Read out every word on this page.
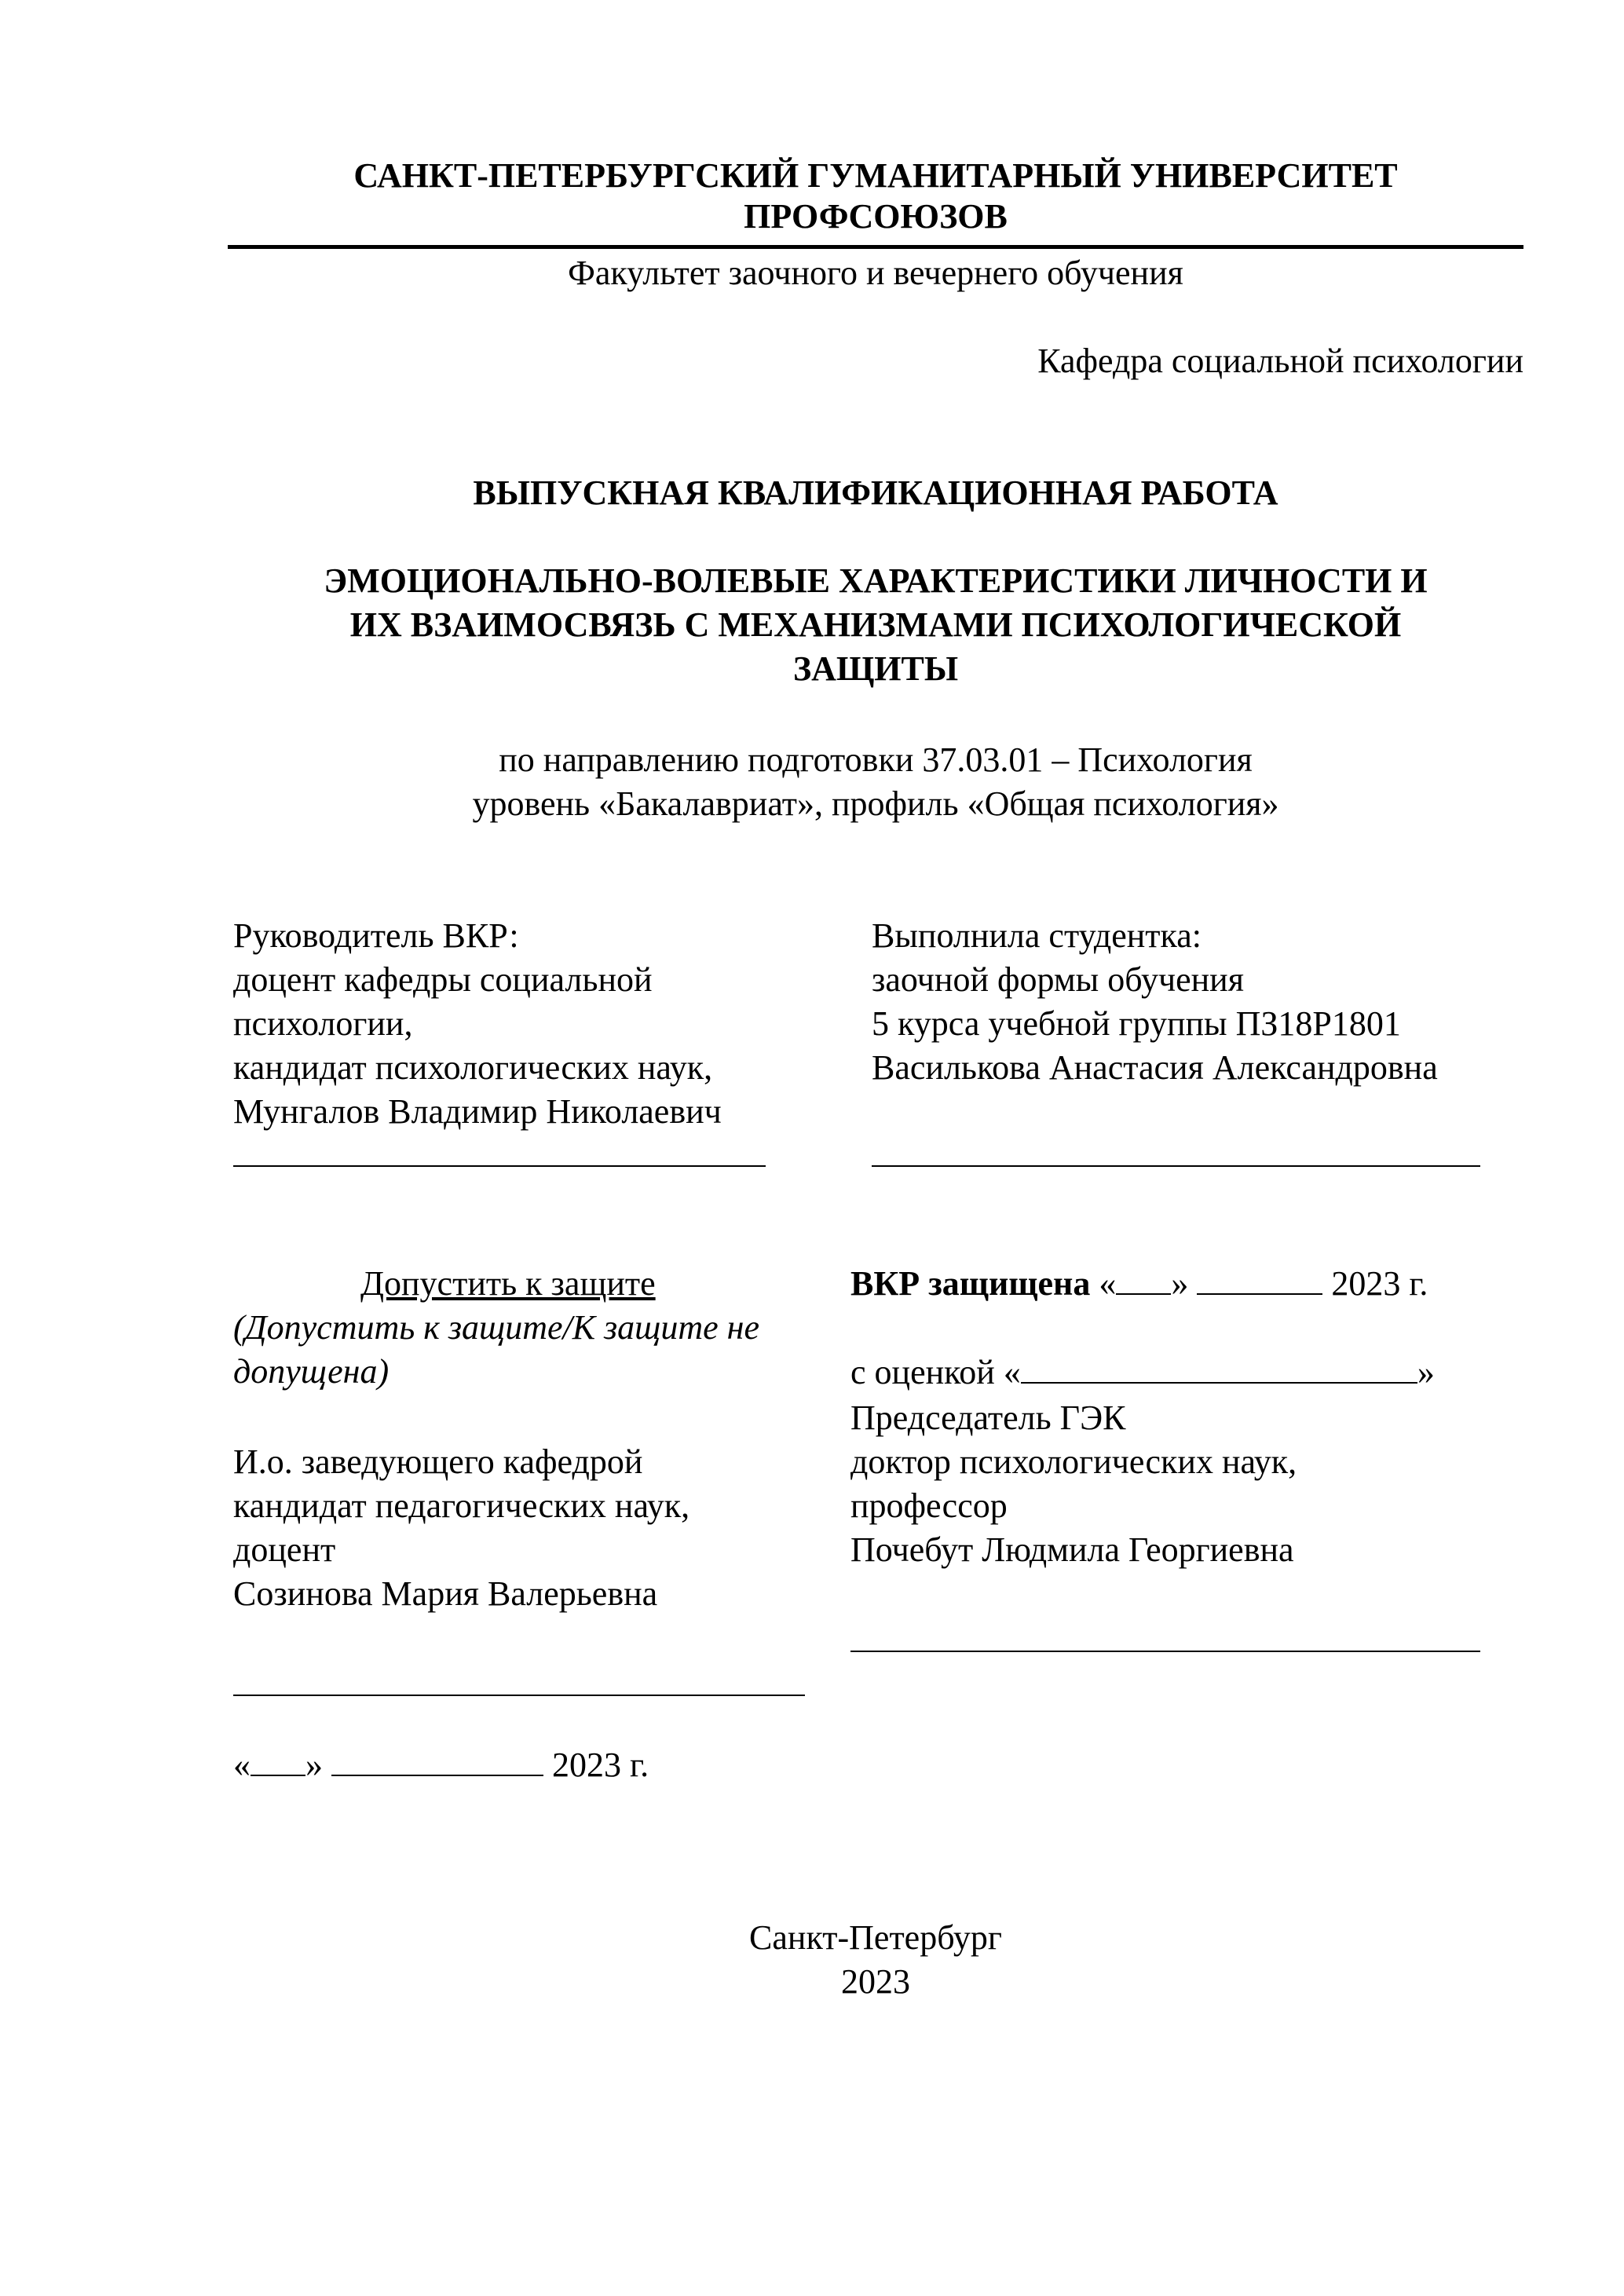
САНКТ-ПЕТЕРБУРГСКИЙ ГУМАНИТАРНЫЙ УНИВЕРСИТЕТ
ПРОФСОЮЗОВ
Факультет заочного и вечернего обучения
Кафедра социальной психологии
ВЫПУСКНАЯ КВАЛИФИКАЦИОННАЯ РАБОТА
ЭМОЦИОНАЛЬНО-ВОЛЕВЫЕ ХАРАКТЕРИСТИКИ ЛИЧНОСТИ И
ИХ ВЗАИМОСВЯЗЬ С МЕХАНИЗМАМИ ПСИХОЛОГИЧЕСКОЙ
ЗАЩИТЫ
по направлению подготовки 37.03.01 – Психология
уровень «Бакалавриат», профиль «Общая психология»
Руководитель ВКР:
доцент кафедры социальной
психологии,
кандидат психологических наук,
Мунгалов Владимир Николаевич
Выполнила студентка:
заочной формы обучения
5 курса учебной группы ПЗ18Р1801
Василькова Анастасия Александровна
Допустить к защите
(Допустить к защите/К защите не
допущена)
И.о. заведующего кафедрой
кандидат педагогических наук,
доцент
Созинова Мария Валерьевна
« »	2023 г.
ВКР защищена « »	2023 г.
с оценкой «	»
Председатель ГЭК
доктор психологических наук,
профессор
Почебут Людмила Георгиевна
Санкт-Петербург
2023
